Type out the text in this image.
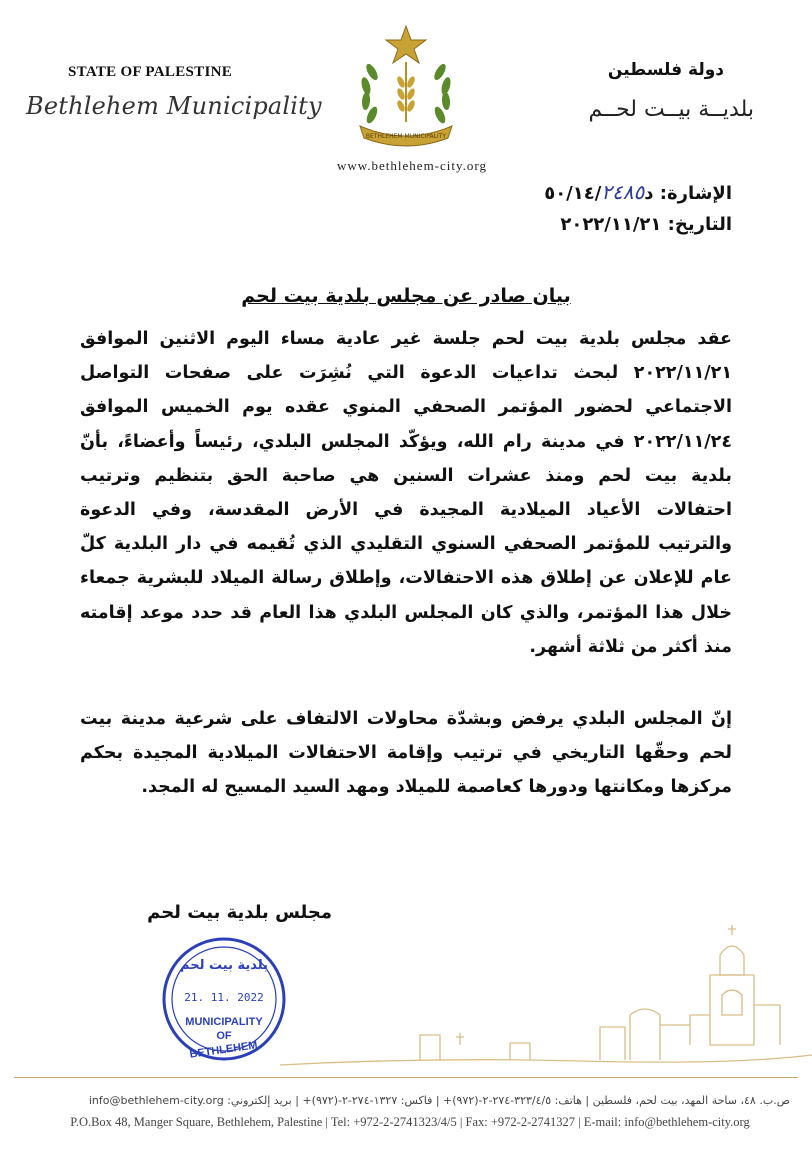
STATE OF PALESTINE
Bethlehem Municipality
دولة فلسطين
بلديــة بيــت لحــم
BETHLEHEM MUNICIPALITY
www.bethlehem-city.org
الإشارة: د٥٠/١٤/٢٤٨٥
التاريخ: ٢٠٢٢/١١/٢١
بيان صادر عن مجلس بلدية بيت لحم

عقد مجلس بلدية بيت لحم جلسة غير عادية مساء اليوم الاثنين الموافق ٢٠٢٢/١١/٢١ لبحث تداعيات الدعوة التي نُشِرَت على صفحات التواصل الاجتماعي لحضور المؤتمر الصحفي المنوي عقده يوم الخميس الموافق ٢٠٢٢/١١/٢٤ في مدينة رام الله، ويؤكّد المجلس البلدي، رئيساً وأعضاءً، بأنّ بلدية بيت لحم ومنذ عشرات السنين هي صاحبة الحق بتنظيم وترتيب احتفالات الأعياد الميلادية المجيدة في الأرض المقدسة، وفي الدعوة والترتيب للمؤتمر الصحفي السنوي التقليدي الذي تُقيمه في دار البلدية كلّ عام للإعلان عن إطلاق هذه الاحتفالات، وإطلاق رسالة الميلاد للبشرية جمعاء خلال هذا المؤتمر، والذي كان المجلس البلدي هذا العام قد حدد موعد إقامته منذ أكثر من ثلاثة أشهر.

إنّ المجلس البلدي يرفض وبشدّة محاولات الالتفاف على شرعية مدينة بيت لحم وحقّها التاريخي في ترتيب وإقامة الاحتفالات الميلادية المجيدة بحكم مركزها ومكانتها ودورها كعاصمة للميلاد ومهد السيد المسيح له المجد.

مجلس بلدية بيت لحم
بلدية بيت لحم
21. 11. 2022
MUNICIPALITY
OF
BETHLEHEM
ص.ب. ٤٨، ساحة المهد، بيت لحم، فلسطين | هاتف: ٣٢٣/٤/٥-٢٧٤-٢-(٩٧٢)+ | فاكس: ١٣٢٧-٢٧٤-٢-(٩٧٢)+ | بريد إلكتروني: info@bethlehem-city.org
P.O.Box 48, Manger Square, Bethlehem, Palestine | Tel: +972-2-2741323/4/5 | Fax: +972-2-2741327 | E-mail: info@bethlehem-city.org
